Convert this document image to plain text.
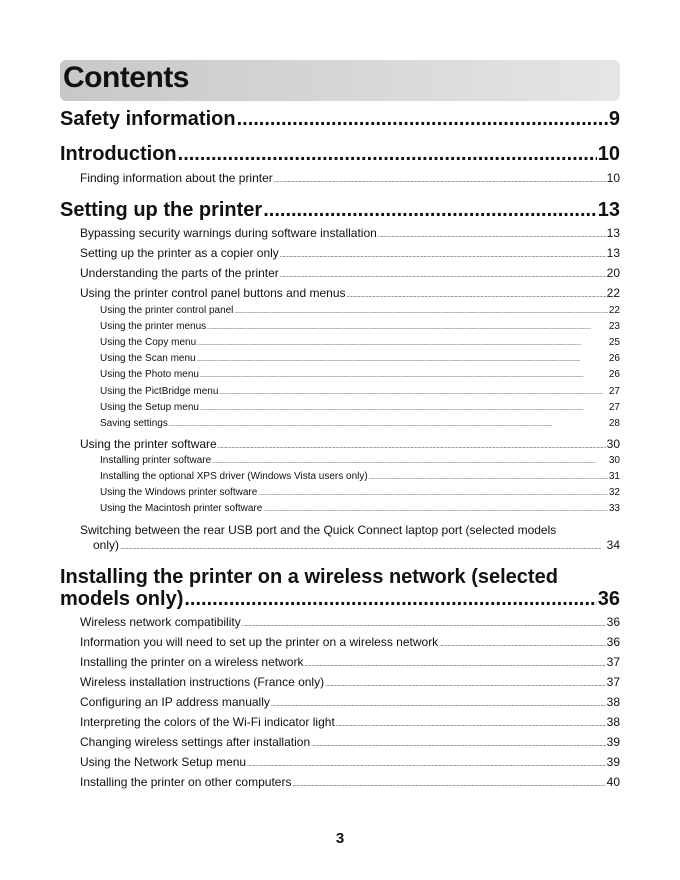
Contents
Safety information .....	9
Introduction .....	10
Finding information about the printer .....	10
Setting up the printer .....	13
Bypassing security warnings during software installation .....	13
Setting up the printer as a copier only .....	13
Understanding the parts of the printer .....	20
Using the printer control panel buttons and menus .....	22
Using the printer control panel .....	22
Using the printer menus .....	23
Using the Copy menu .....	25
Using the Scan menu .....	26
Using the Photo menu .....	26
Using the PictBridge menu .....	27
Using the Setup menu .....	27
Saving settings .....	28
Using the printer software .....	30
Installing printer software .....	30
Installing the optional XPS driver (Windows Vista users only) .....	31
Using the Windows printer software .....	32
Using the Macintosh printer software .....	33
Switching between the rear USB port and the Quick Connect laptop port (selected models
only) .....	34
Installing the printer on a wireless network (selected
models only) .....	36
Wireless network compatibility .....	36
Information you will need to set up the printer on a wireless network .....	36
Installing the printer on a wireless network .....	37
Wireless installation instructions (France only) .....	37
Configuring an IP address manually .....	38
Interpreting the colors of the Wi-Fi indicator light .....	38
Changing wireless settings after installation .....	39
Using the Network Setup menu .....	39
Installing the printer on other computers .....	40
3
